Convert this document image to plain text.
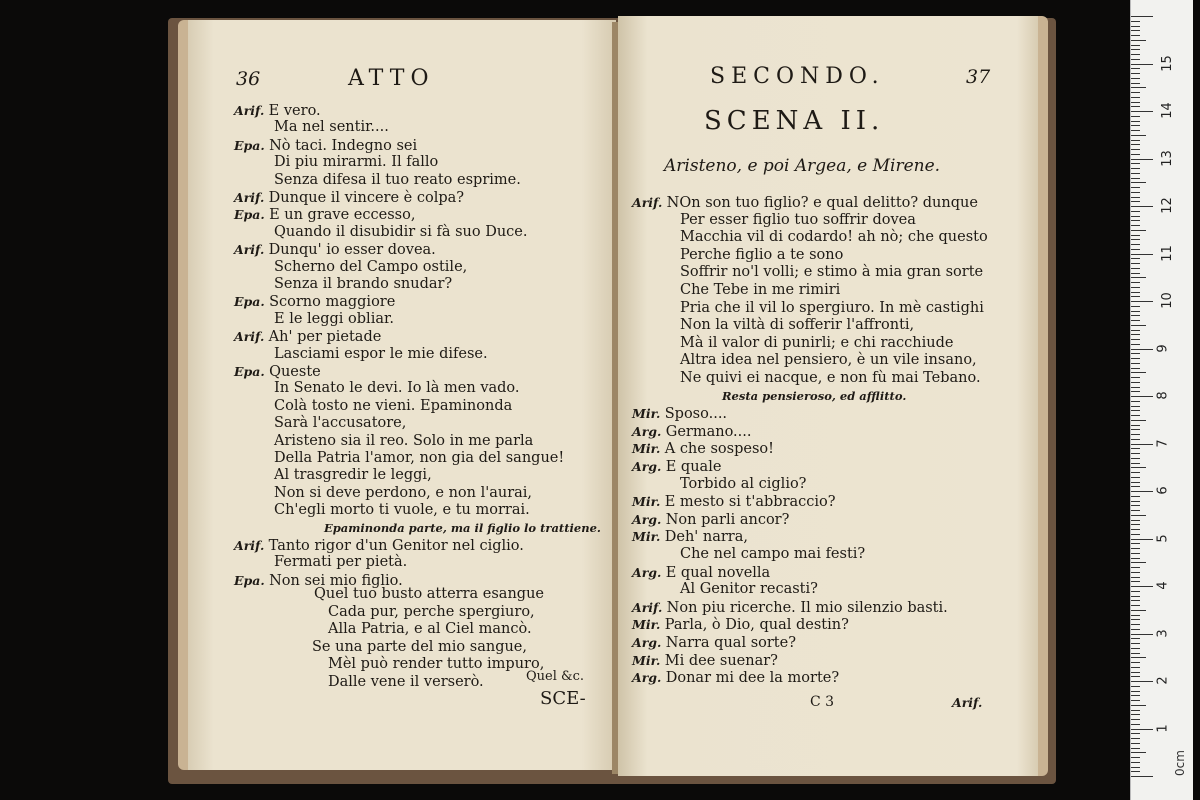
36	ATTO
Arif. E vero.
Ma nel sentir....
Epa. Nò taci. Indegno sei
Di piu mirarmi. Il fallo
Senza difesa il tuo reato esprime.
Arif. Dunque il vincere è colpa?
Epa. E un grave eccesso,
Quando il disubidir si fà suo Duce.
Arif. Dunqu' io esser dovea.
Scherno del Campo ostile,
Senza il brando snudar?
Epa. Scorno maggiore
E le leggi obliar.
Arif. Ah' per pietade
Lasciami espor le mie difese.
Epa. Queste
In Senato le devi. Io là men vado.
Colà tosto ne vieni. Epaminonda
Sarà l'accusatore,
Aristeno sia il reo. Solo in me parla
Della Patria l'amor, non gia del sangue!
Al trasgredir le leggi,
Non si deve perdono, e non l'aurai,
Ch'egli morto ti vuole, e tu morrai.
Epaminonda parte, ma il figlio lo trattiene.
Arif. Tanto rigor d'un Genitor nel ciglio.
Fermati per pietà.
Epa. Non sei mio figlio.
Quel tuo busto atterra esangue
Cada pur, perche spergiuro,
Alla Patria, e al Ciel mancò.
Se una parte del mio sangue,
Mèl può render tutto impuro,
Dalle vene il verserò.	Quel &c.
SCE-
SECONDO.	37
SCENA II.
Aristeno, e poi Argea, e Mirene.
Arif. NOn son tuo figlio? e qual delitto? dunque
Per esser figlio tuo soffrir dovea
Macchia vil di codardo! ah nò; che questo
Perche figlio a te sono
Soffrir no'l volli; e stimo à mia gran sorte
Che Tebe in me rimiri
Pria che il vil lo spergiuro. In mè castighi
Non la viltà di sofferir l'affronti,
Mà il valor di punirli; e chi racchiude
Altra idea nel pensiero, è un vile insano,
Ne quivi ei nacque, e non fù mai Tebano.
Resta pensieroso, ed afflitto.
Mir. Sposo....
Arg. Germano....
Mir. A che sospeso!
Arg. E quale
Torbido al ciglio?
Mir. E mesto si t'abbraccio?
Arg. Non parli ancor?
Mir. Deh' narra,
Che nel campo mai festi?
Arg. E qual novella
Al Genitor recasti?
Arif. Non piu ricerche. Il mio silenzio basti.
Mir. Parla, ò Dio, qual destin?
Arg. Narra qual sorte?
Mir. Mi dee suenar?
Arg. Donar mi dee la morte?
C 3	Arif.
1
2
3
4
5
6
7
8
9
10
11
12
13
14
15
0cm
